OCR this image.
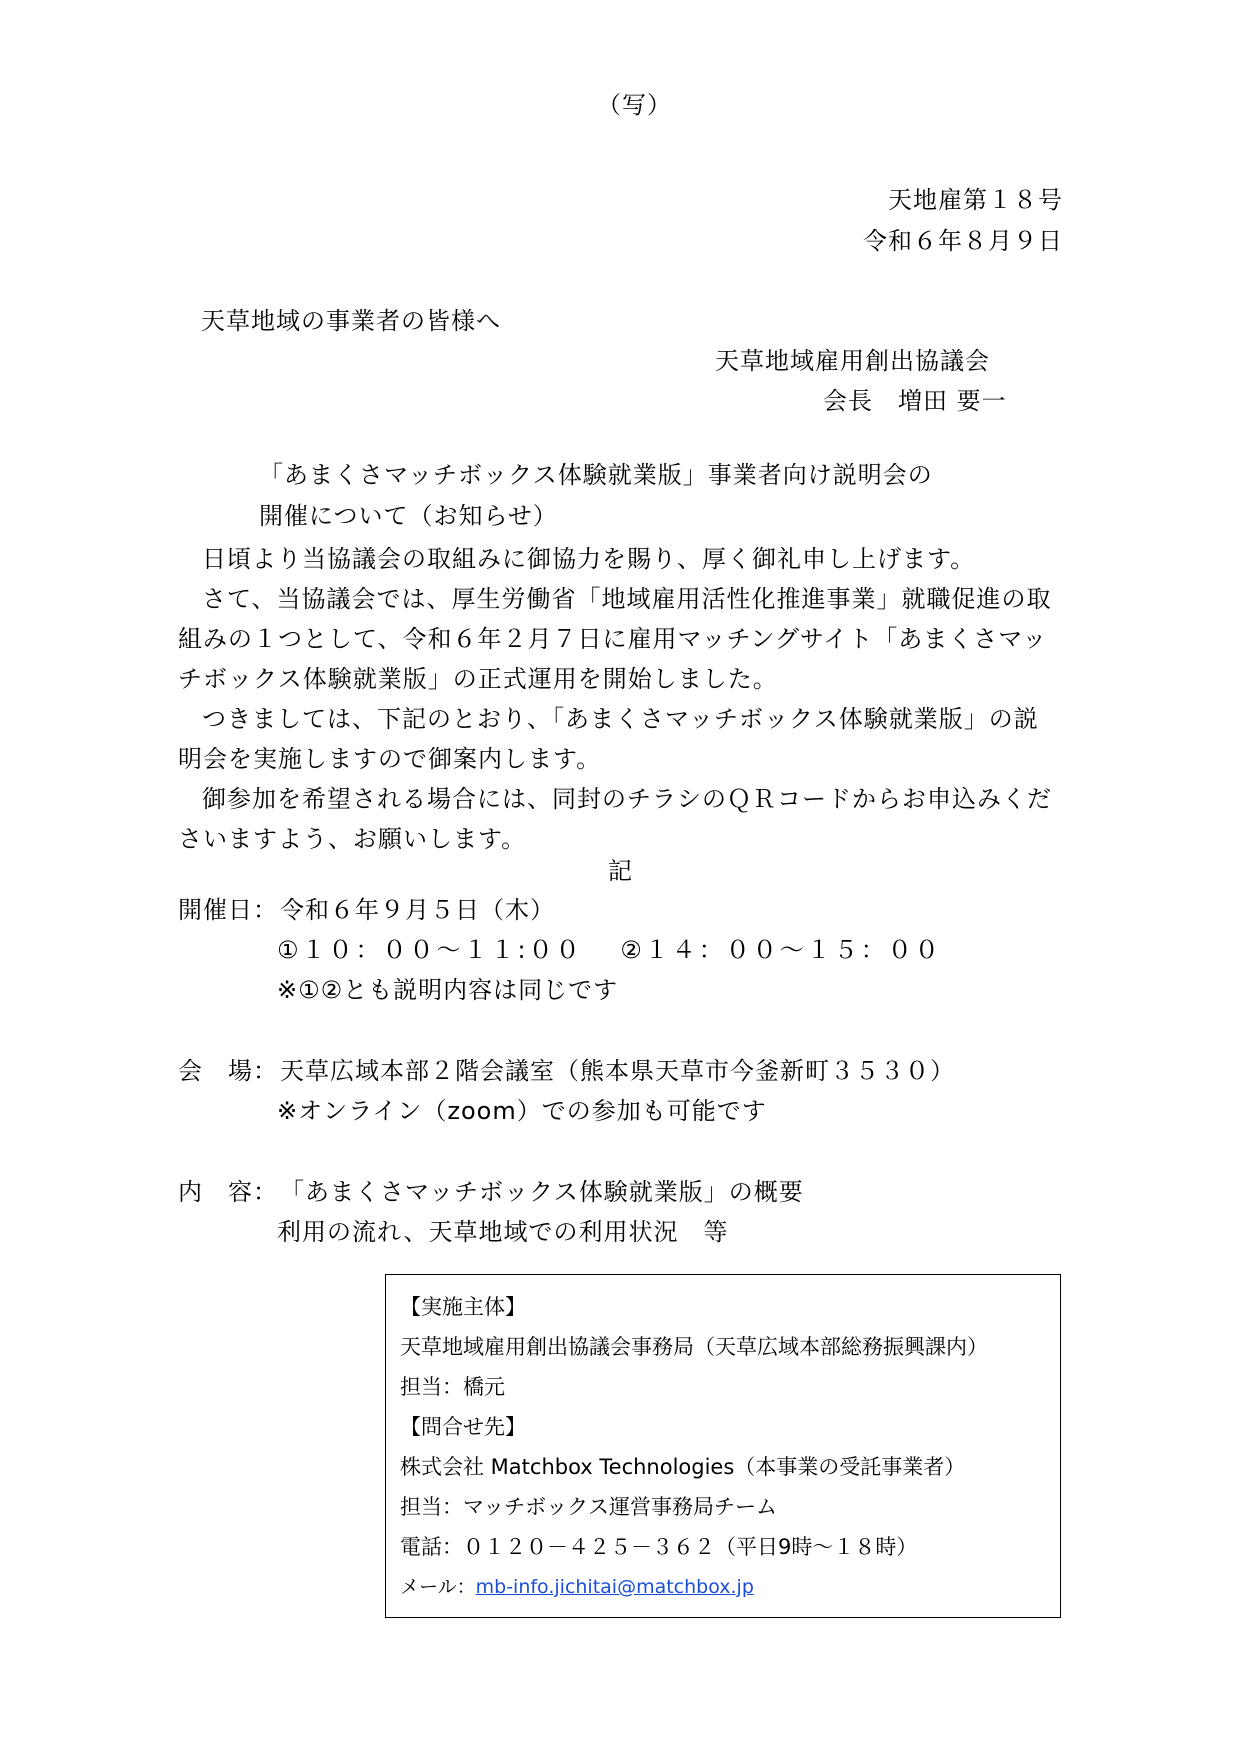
（写）
天地雇第１８号
令和６年８月９日
天草地域の事業者の皆様へ
天草地域雇用創出協議会
会長　増田 要一
「あまくさマッチボックス体験就業版」事業者向け説明会の
開催について（お知らせ）

日頃より当協議会の取組みに御協力を賜り、厚く御礼申し上げます。

さて、当協議会では、厚生労働省「地域雇用活性化推進事業」就職促進の取組みの１つとして、令和６年２月７日に雇用マッチングサイト「あまくさマッチボックス体験就業版」の正式運用を開始しました。

つきましては、下記のとおり、「あまくさマッチボックス体験就業版」の説明会を実施しますので御案内します。

御参加を希望される場合には、同封のチラシのＱＲコードからお申込みくださいますよう、お願いします。

記
開催日： 令和６年９月５日（木）
①１０：００～１１:００　 ②１４：００～１５：００
※①②とも説明内容は同じです
会　場： 天草広域本部２階会議室（熊本県天草市今釜新町３５３０）
※オンライン（zoom）での参加も可能です
内　容： 「あまくさマッチボックス体験就業版」の概要
利用の流れ、天草地域での利用状況　等
【実施主体】
天草地域雇用創出協議会事務局（天草広域本部総務振興課内）
担当：橋元
【問合せ先】
株式会社 Matchbox Technologies（本事業の受託事業者）
担当：マッチボックス運営事務局チーム
電話：０１２０－４２５－３６２（平日9時～１８時）
メール：mb-info.jichitai@matchbox.jp
